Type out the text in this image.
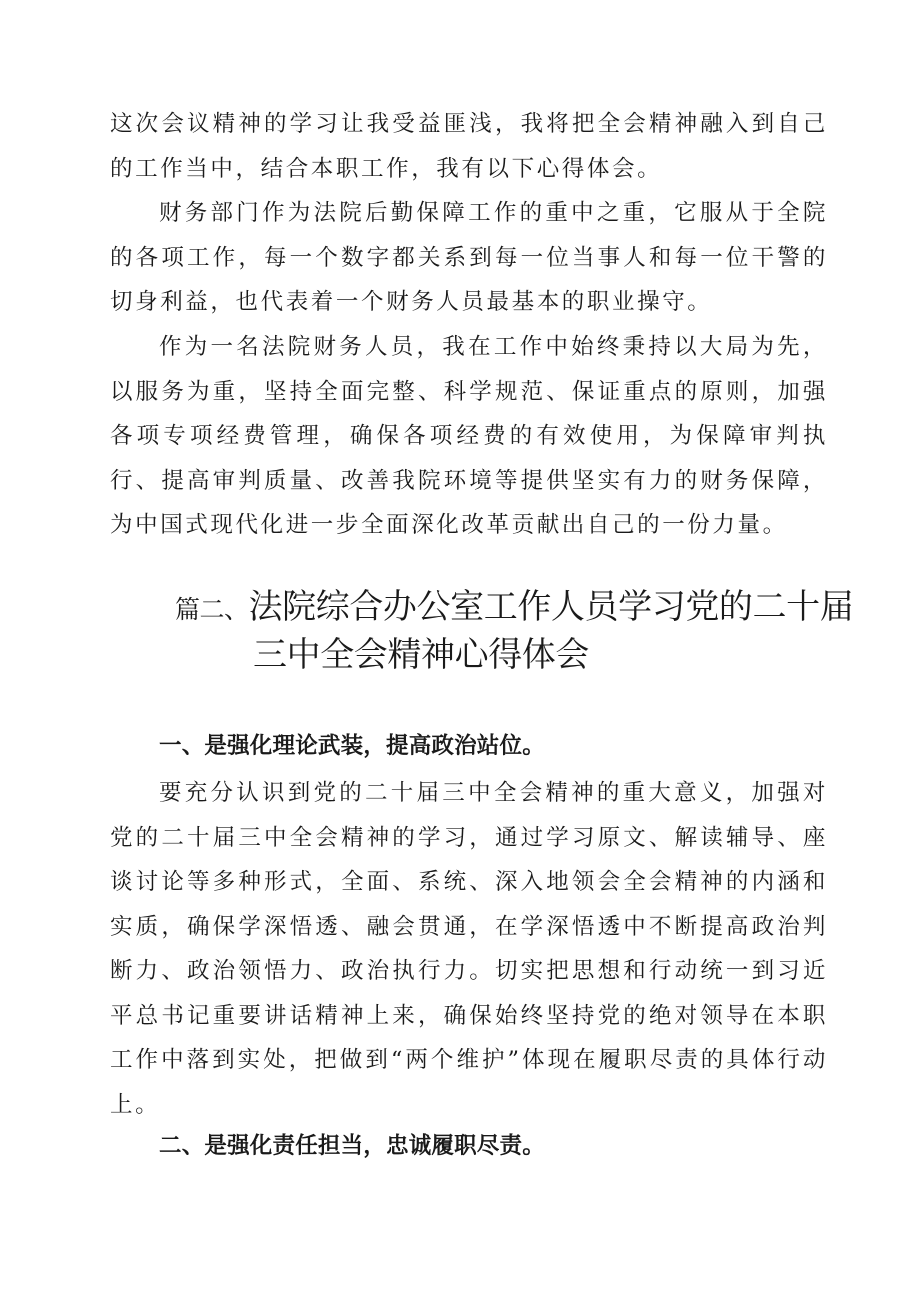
这次会议精神的学习让我受益匪浅，我将把全会精神融入到自己的工作当中，结合本职工作，我有以下心得体会。

财务部门作为法院后勤保障工作的重中之重，它服从于全院的各项工作，每一个数字都关系到每一位当事人和每一位干警的切身利益，也代表着一个财务人员最基本的职业操守。

作为一名法院财务人员，我在工作中始终秉持以大局为先，以服务为重，坚持全面完整、科学规范、保证重点的原则，加强各项专项经费管理，确保各项经费的有效使用，为保障审判执行、提高审判质量、改善我院环境等提供坚实有力的财务保障，为中国式现代化进一步全面深化改革贡献出自己的一份力量。

篇二、法院综合办公室工作人员学习党的二十届
三中全会精神心得体会
一、是强化理论武装，提高政治站位。

要充分认识到党的二十届三中全会精神的重大意义，加强对党的二十届三中全会精神的学习，通过学习原文、解读辅导、座谈讨论等多种形式，全面、系统、深入地领会全会精神的内涵和实质，确保学深悟透、融会贯通，在学深悟透中不断提高政治判断力、政治领悟力、政治执行力。切实把思想和行动统一到习近平总书记重要讲话精神上来，确保始终坚持党的绝对领导在本职工作中落到实处，把做到“两个维护”体现在履职尽责的具体行动上。

二、是强化责任担当，忠诚履职尽责。
